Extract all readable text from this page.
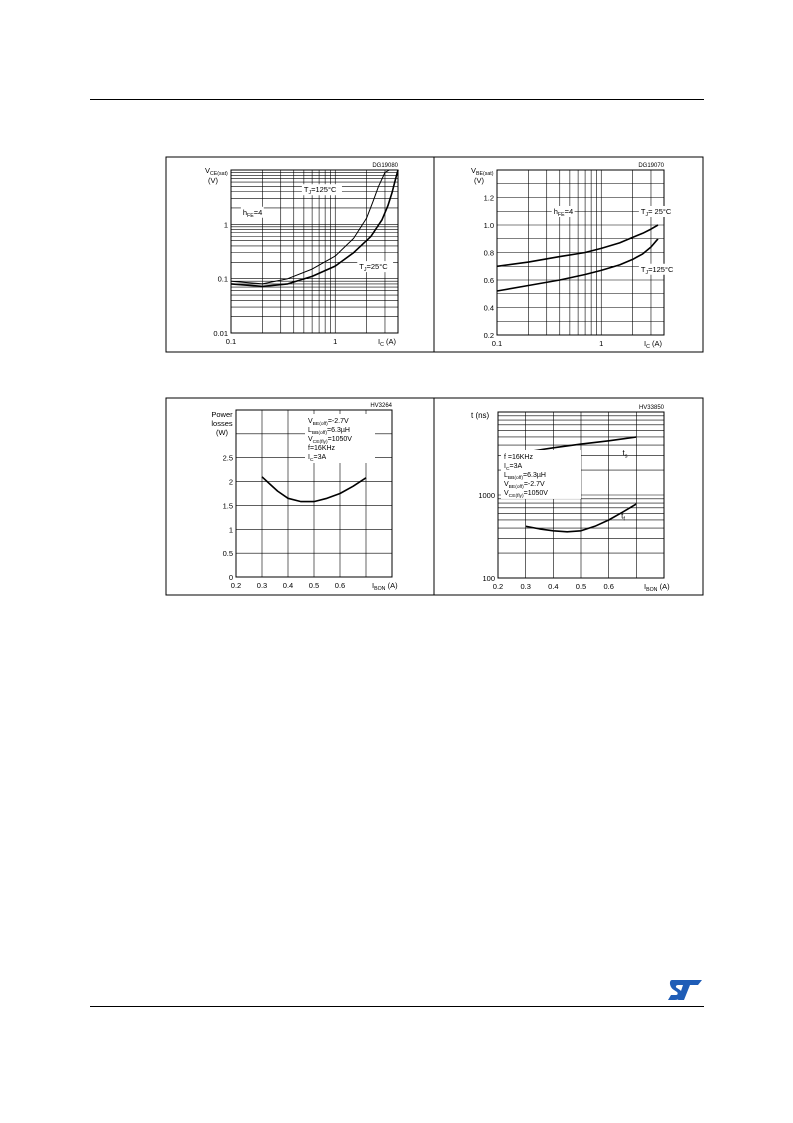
0.1	1
0.01
0.1
1
$I_C$ (A)
$V_{CE(sat)}$
(V)
DG19080
$T_J=125^\circ C$
$h_{FE}=4$
$T_J=25^\circ C$
0.1	1
0.2
0.4
0.6
0.8
1.0
1.2
$I_C$ (A)
$V_{BE(sat)}$
(V)
DG19070
$h_{FE}=4$	$T_J= 25^\circ C$
$T_J=125^\circ C$
0.2 0.3 0.4 0.5 0.6
0
0.5
1
1.5
2
2.5
$I_{BON}$ (A)
Power
losses
(W)
HV3264
$V_{BE(off)}=-2.7V$
$L_{BB(off)}=6.3\mu H$
$V_{CE(fly)}=1050V$
f=16KHz
$I_C=3A$
0.2 0.3 0.4 0.5 0.6
100
1000
$I_{BON}$ (A)
t (ns)
HV33850
f =16KHz
$I_C=3A$
$L_{BB(off)}=6.3\mu H$
$V_{BE(off)}=-2.7V$
$V_{CE(fly)}=1050V$
$t_s$
$t_f$
